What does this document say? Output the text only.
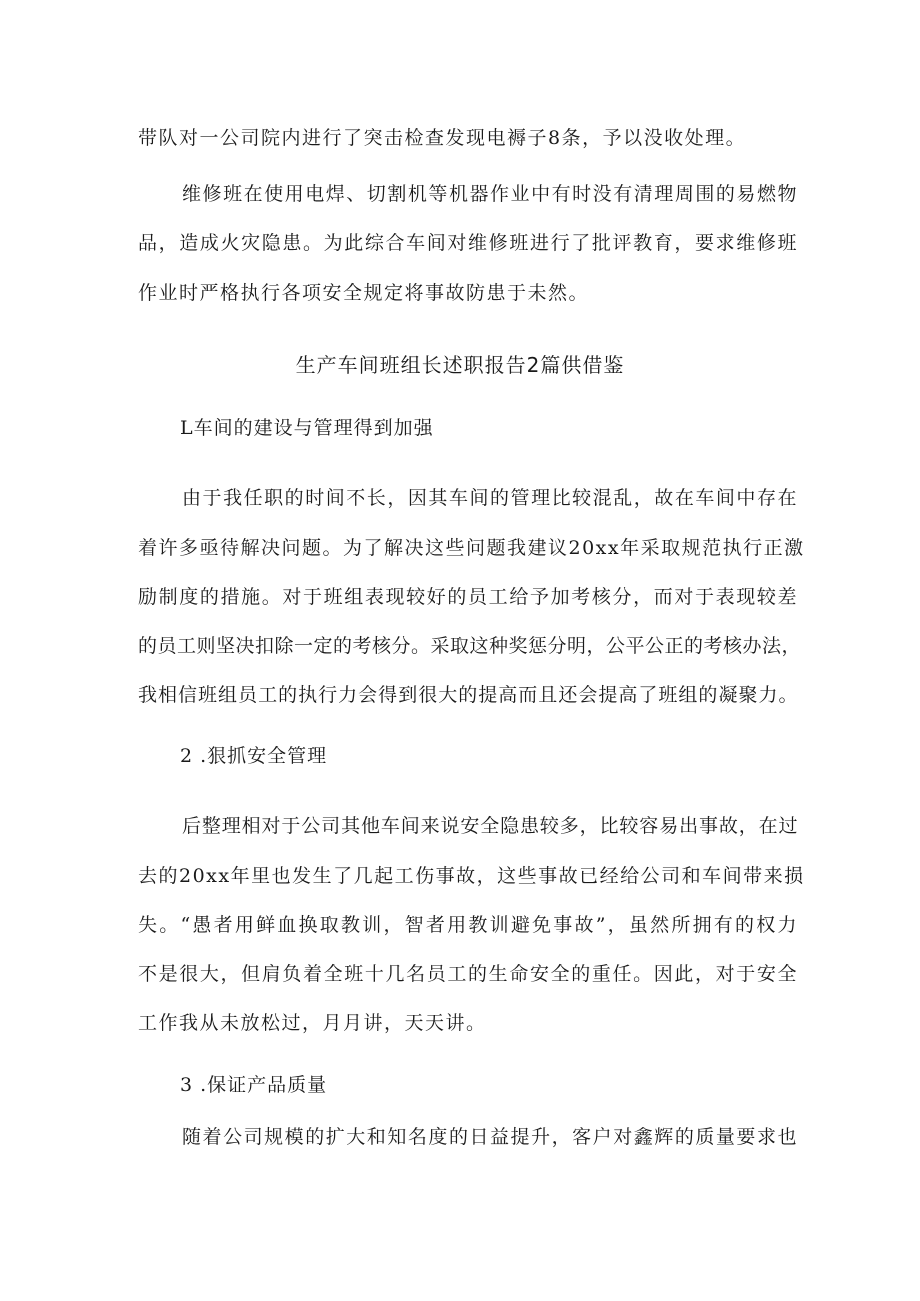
带队对一公司院内进行了突击检查发现电褥子8条，予以没收处理。
维修班在使用电焊、切割机等机器作业中有时没有清理周围的易燃物
品，造成火灾隐患。为此综合车间对维修班进行了批评教育，要求维修班
作业时严格执行各项安全规定将事故防患于未然。
生产车间班组长述职报告2篇供借鉴
L车间的建设与管理得到加强
由于我任职的时间不长，因其车间的管理比较混乱，故在车间中存在
着许多亟待解决问题。为了解决这些问题我建议20xx年采取规范执行正激
励制度的措施。对于班组表现较好的员工给予加考核分，而对于表现较差
的员工则坚决扣除一定的考核分。采取这种奖惩分明，公平公正的考核办法，
我相信班组员工的执行力会得到很大的提高而且还会提高了班组的凝聚力。
2 .狠抓安全管理
后整理相对于公司其他车间来说安全隐患较多，比较容易出事故，在过
去的20xx年里也发生了几起工伤事故，这些事故已经给公司和车间带来损
失。“愚者用鲜血换取教训，智者用教训避免事故”，虽然所拥有的权力
不是很大，但肩负着全班十几名员工的生命安全的重任。因此，对于安全
工作我从未放松过，月月讲，天天讲。
3 .保证产品质量
随着公司规模的扩大和知名度的日益提升，客户对鑫辉的质量要求也
